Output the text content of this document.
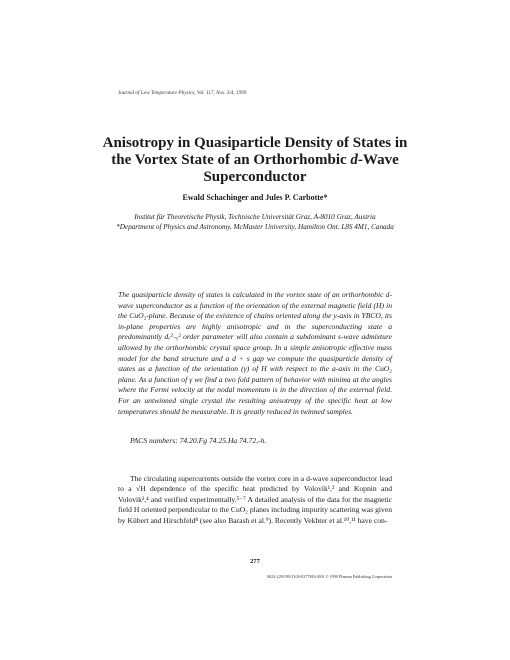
Journal of Low Temperature Physics, Vol. 117, Nos. 3/4, 1999
Anisotropy in Quasiparticle Density of States in the Vortex State of an Orthorhombic d-Wave Superconductor
Ewald Schachinger and Jules P. Carbotte*
Institut für Theoretische Physik, Technische Universität Graz, A-8010 Graz, Austria
*Department of Physics and Astronomy, McMaster University, Hamilton Ont. L8S 4M1, Canada

The quasiparticle density of states is calculated in the vortex state of an orthorhombic d-wave superconductor as a function of the orientation of the external magnetic field (H) in the CuO₂-plane. Because of the existence of chains oriented along the y-axis in YBCO, its in-plane properties are highly anisotropic and in the superconducting state a predominantly dₓ²₋ᵧ² order parameter will also contain a subdominant s-wave admixture allowed by the orthorhombic crystal space group. In a simple anisotropic effective mass model for the band structure and a d + s gap we compute the quasiparticle density of states as a function of the orientation (γ) of H with respect to the a-axis in the CuO₂ plane. As a function of γ we find a two fold pattern of behavior with minima at the angles where the Fermi velocity at the nodal momentum is in the direction of the external field. For an untwinned single crystal the resulting anisotropy of the specific heat at low temperatures should be measurable. It is greatly reduced in twinned samples.

PACS numbers: 74.20.Fg 74.25.Ha 74.72,-h.

The circulating supercurrents outside the vortex core in a d-wave superconductor lead to a √H dependence of the specific heat predicted by Volovik¹,² and Kopnin and Volovik³,⁴ and verified experimentally.⁵⁻⁷ A detailed analysis of the data for the magnetic field H oriented perpendicular to the CuO₂ planes including impurity scattering was given by Kübert and Hirschfeld⁸ (see also Barash et al.⁹). Recently Vekhter et al.¹⁰,¹¹ have con-

277
0022-2291/99/1100-0277$16.00/0 © 1999 Plenum Publishing Corporation
